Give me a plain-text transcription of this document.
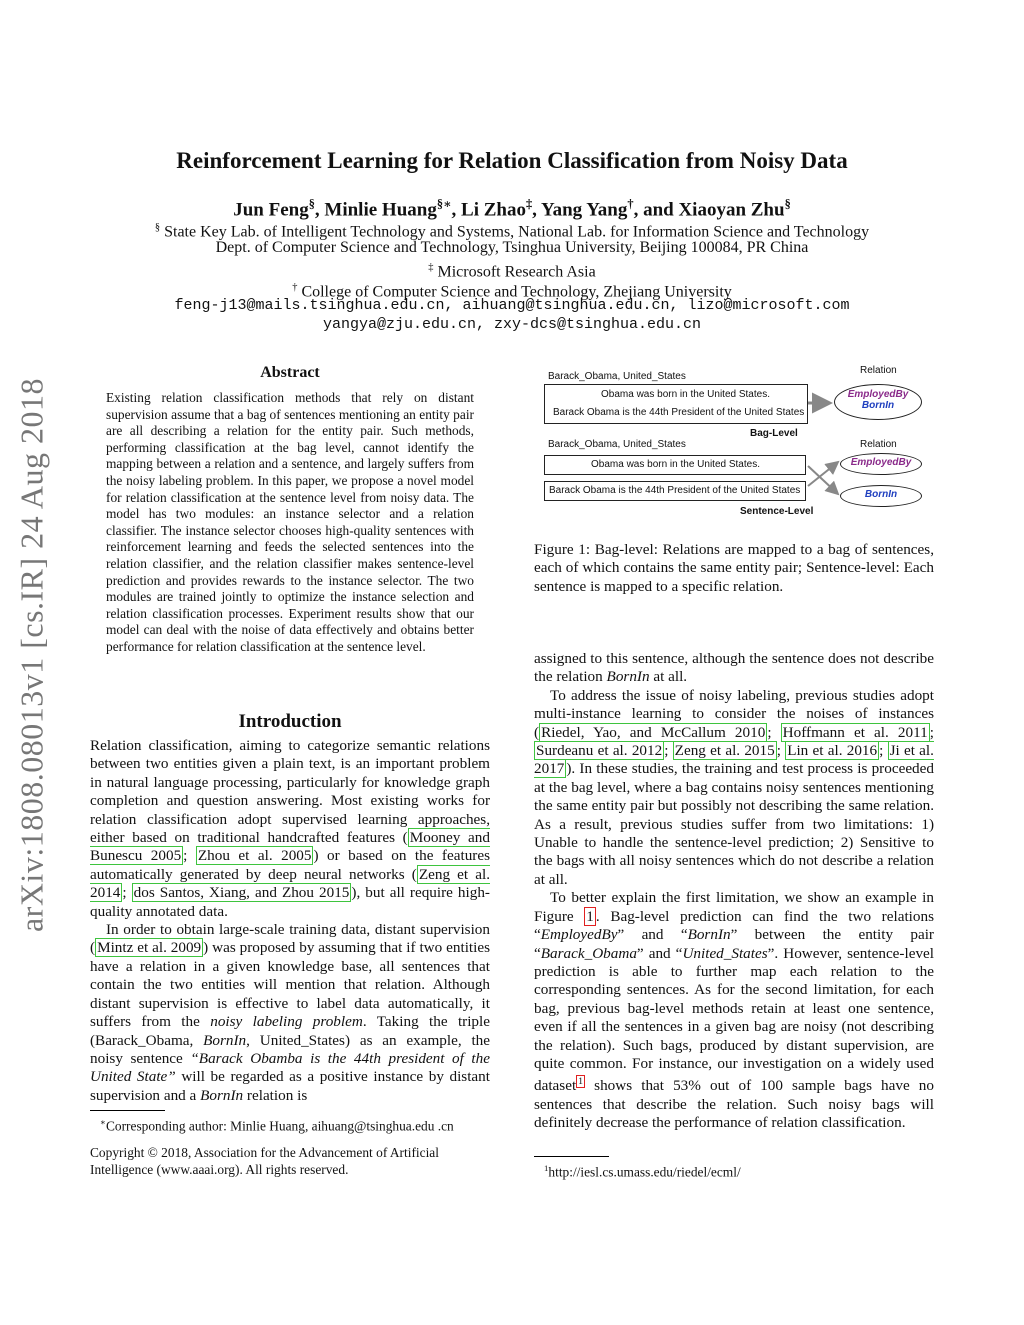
Reinforcement Learning for Relation Classification from Noisy Data
Jun Feng§, Minlie Huang§∗, Li Zhao‡, Yang Yang†, and Xiaoyan Zhu§
§ State Key Lab. of Intelligent Technology and Systems, National Lab. for Information Science and Technology
Dept. of Computer Science and Technology, Tsinghua University, Beijing 100084, PR China
‡ Microsoft Research Asia
† College of Computer Science and Technology, Zhejiang University
feng-j13@mails.tsinghua.edu.cn, aihuang@tsinghua.edu.cn, lizo@microsoft.com
yangya@zju.edu.cn, zxy-dcs@tsinghua.edu.cn
arXiv:1808.08013v1 [cs.IR] 24 Aug 2018
Abstract
Existing relation classification methods that rely on distant supervision assume that a bag of sentences mentioning an entity pair are all describing a relation for the entity pair. Such methods, performing classification at the bag level, cannot identify the mapping between a relation and a sentence, and largely suffers from the noisy labeling problem. In this paper, we propose a novel model for relation classification at the sentence level from noisy data. The model has two modules: an instance selector and a relation classifier. The instance selector chooses high-quality sentences with reinforcement learning and feeds the selected sentences into the relation classifier, and the relation classifier makes sentence-level prediction and provides rewards to the instance selector. The two modules are trained jointly to optimize the instance selection and relation classification processes. Experiment results show that our model can deal with the noise of data effectively and obtains better performance for relation classification at the sentence level.
Introduction

Relation classification, aiming to categorize semantic relations between two entities given a plain text, is an important problem in natural language processing, particularly for knowledge graph completion and question answering. Most existing works for relation classification adopt supervised learning approaches, either based on traditional handcrafted features ( Mooney and Bunescu 2005 ; Zhou et al. 2005 ) or based on the features automatically generated by deep neural networks ( Zeng et al. 2014 ; dos Santos, Xiang, and Zhou 2015 ), but all require high-quality annotated data.

In order to obtain large-scale training data, distant supervision ( Mintz et al. 2009 ) was proposed by assuming that if two entities have a relation in a given knowledge base, all sentences that contain the two entities will mention that relation. Although distant supervision is effective to label data automatically, it suffers from the noisy labeling problem. Taking the triple (Barack_Obama, BornIn, United_States) as an example, the noisy sentence “Barack Obamba is the 44th president of the United State” will be regarded as a positive instance by distant supervision and a BornIn relation is

∗Corresponding author: Minlie Huang, aihuang@tsinghua.edu .cn
Copyright © 2018, Association for the Advancement of Artificial Intelligence (www.aaai.org). All rights reserved.
Barack_Obama, United_States
Relation
Obama was born in the United States.
Barack Obama is the 44th President of the United States
EmployedBy
BornIn
Bag-Level
Barack_Obama, United_States	Relation
Obama was born in the United States.
Barack Obama is the 44th President of the United States
EmployedBy
BornIn
Sentence-Level
Figure 1: Bag-level: Relations are mapped to a bag of sentences, each of which contains the same entity pair; Sentence-level: Each sentence is mapped to a specific relation.

assigned to this sentence, although the sentence does not describe the relation BornIn at all.

To address the issue of noisy labeling, previous studies adopt multi-instance learning to consider the noises of instances ( Riedel, Yao, and McCallum 2010 ; Hoffmann et al. 2011 ; Surdeanu et al. 2012 ; Zeng et al. 2015 ; Lin et al. 2016 ; Ji et al. 2017 ). In these studies, the training and test process is proceeded at the bag level, where a bag contains noisy sentences mentioning the same entity pair but possibly not describing the same relation. As a result, previous studies suffer from two limitations: 1) Unable to handle the sentence-level prediction; 2) Sensitive to the bags with all noisy sentences which do not describe a relation at all.

To better explain the first limitation, we show an example in Figure 1 . Bag-level prediction can find the two relations “EmployedBy” and “BornIn” between the entity pair “Barack_Obama” and “United_States”. However, sentence-level prediction is able to further map each relation to the corresponding sentences. As for the second limitation, for each bag, previous bag-level methods retain at least one sentence, even if all the sentences in a given bag are noisy (not describing the relation). Such bags, produced by distant supervision, are quite common. For instance, our investigation on a widely used dataset $^1$ shows that 53% out of 100 sample bags have no sentences that describe the relation. Such noisy bags will definitely decrease the performance of relation classification.

$^1$http://iesl.cs.umass.edu/riedel/ecml/
